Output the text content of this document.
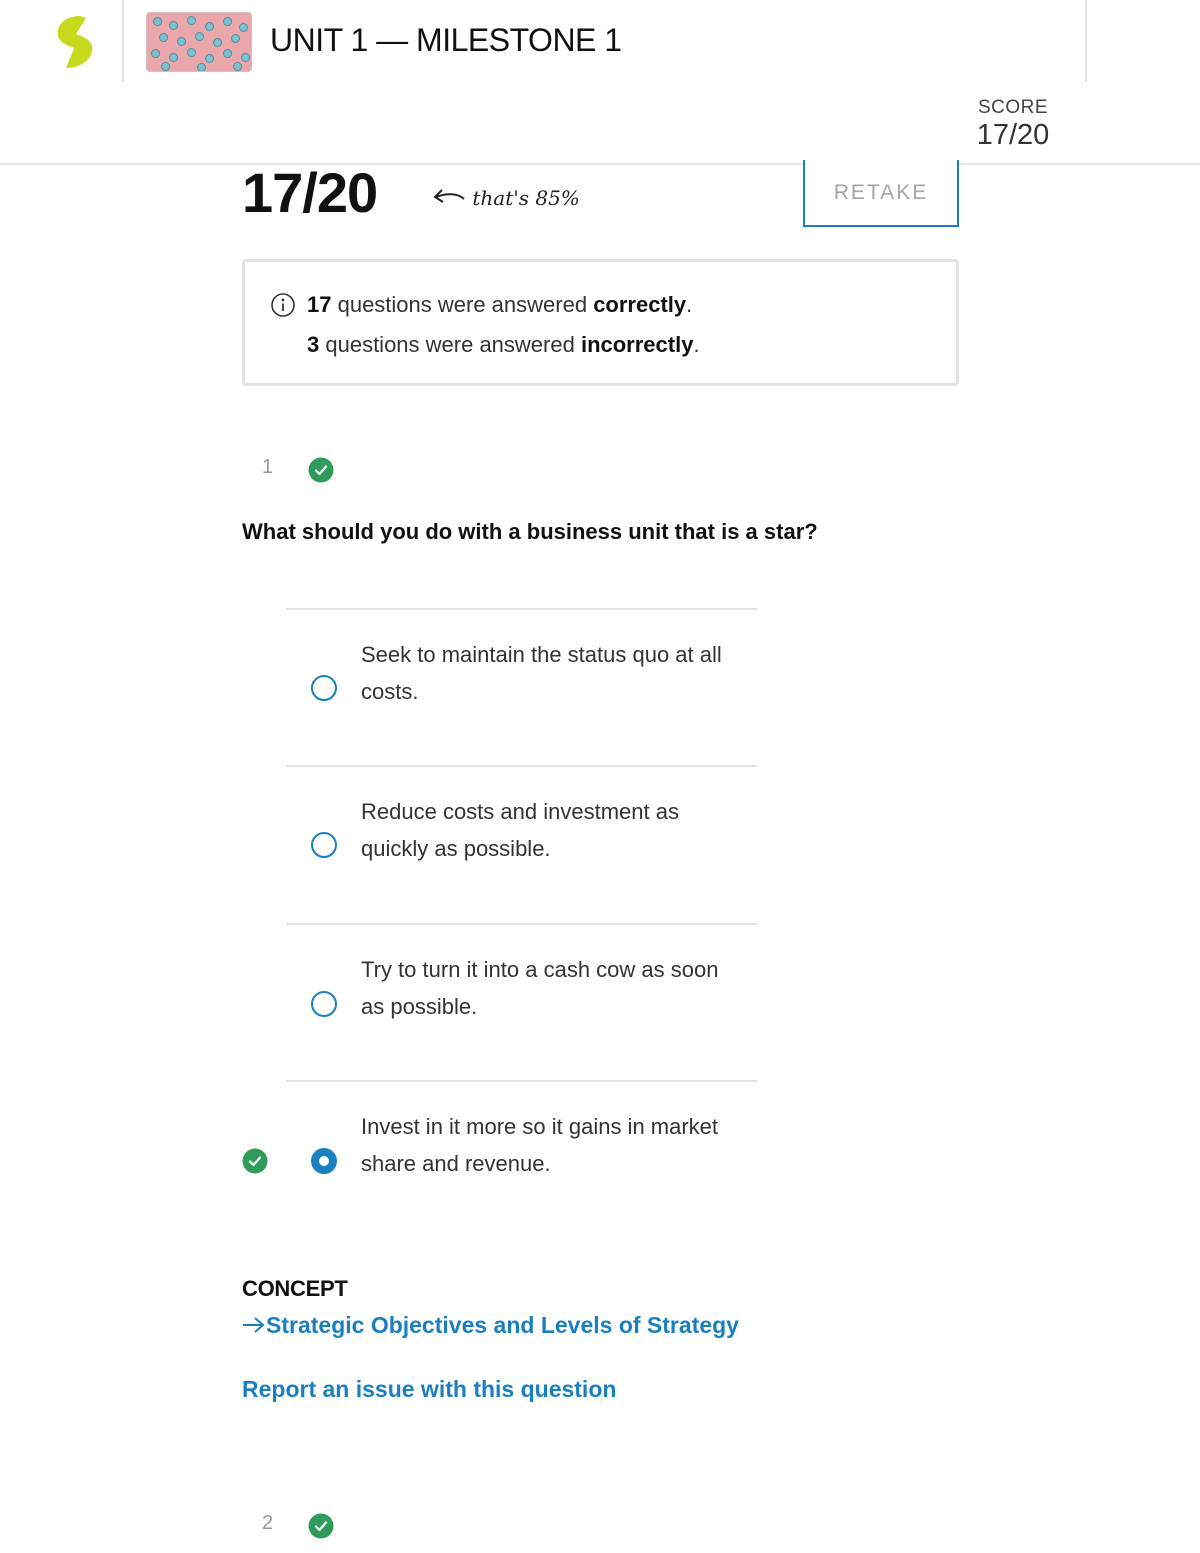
UNIT 1 — MILESTONE 1
SCORE
17/20
17/20	that's 85%	RETAKE
17 questions were answered correctly.
3 questions were answered incorrectly.
1
What should you do with a business unit that is a star?
Seek to maintain the status quo at all costs.
Reduce costs and investment as quickly as possible.
Try to turn it into a cash cow as soon as possible.
Invest in it more so it gains in market share and revenue.
CONCEPT
Strategic Objectives and Levels of Strategy
Report an issue with this question
2
